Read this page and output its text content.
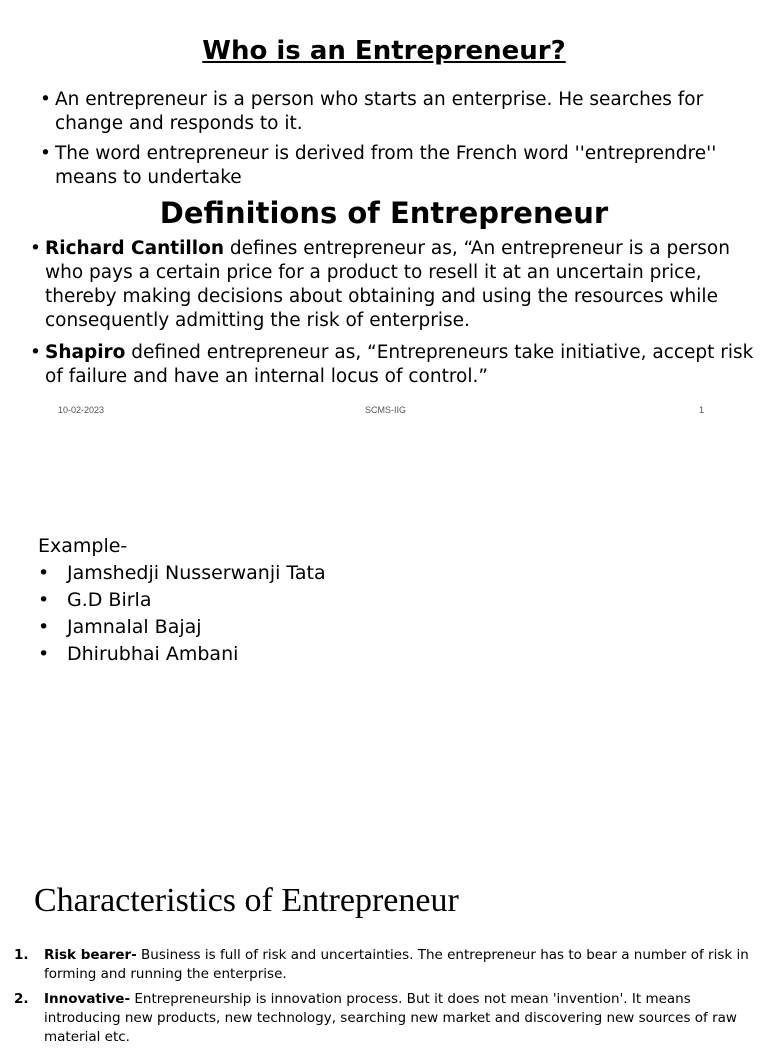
Who is an Entrepreneur?
• An entrepreneur is a person who starts an enterprise. He searches for change and responds to it.
• The word entrepreneur is derived from the French word ''entreprendre'' means to undertake
Definitions of Entrepreneur
• Richard Cantillon defines entrepreneur as, “An entrepreneur is a person who pays a certain price for a product to resell it at an uncertain price, thereby making decisions about obtaining and using the resources while consequently admitting the risk of enterprise.
• Shapiro defined entrepreneur as, “Entrepreneurs take initiative, accept risk of failure and have an internal locus of control.”
10-02-2023	SCMS-IIG	1

Example-

• Jamshedji Nusserwanji Tata
• G.D Birla
• Jamnalal Bajaj
• Dhirubhai Ambani
Characteristics of Entrepreneur
1. Risk bearer- Business is full of risk and uncertainties. The entrepreneur has to bear a number of risk in forming and running the enterprise.
2. Innovative- Entrepreneurship is innovation process. But it does not mean 'invention'. It means introducing new products, new technology, searching new market and discovering new sources of raw material etc.
